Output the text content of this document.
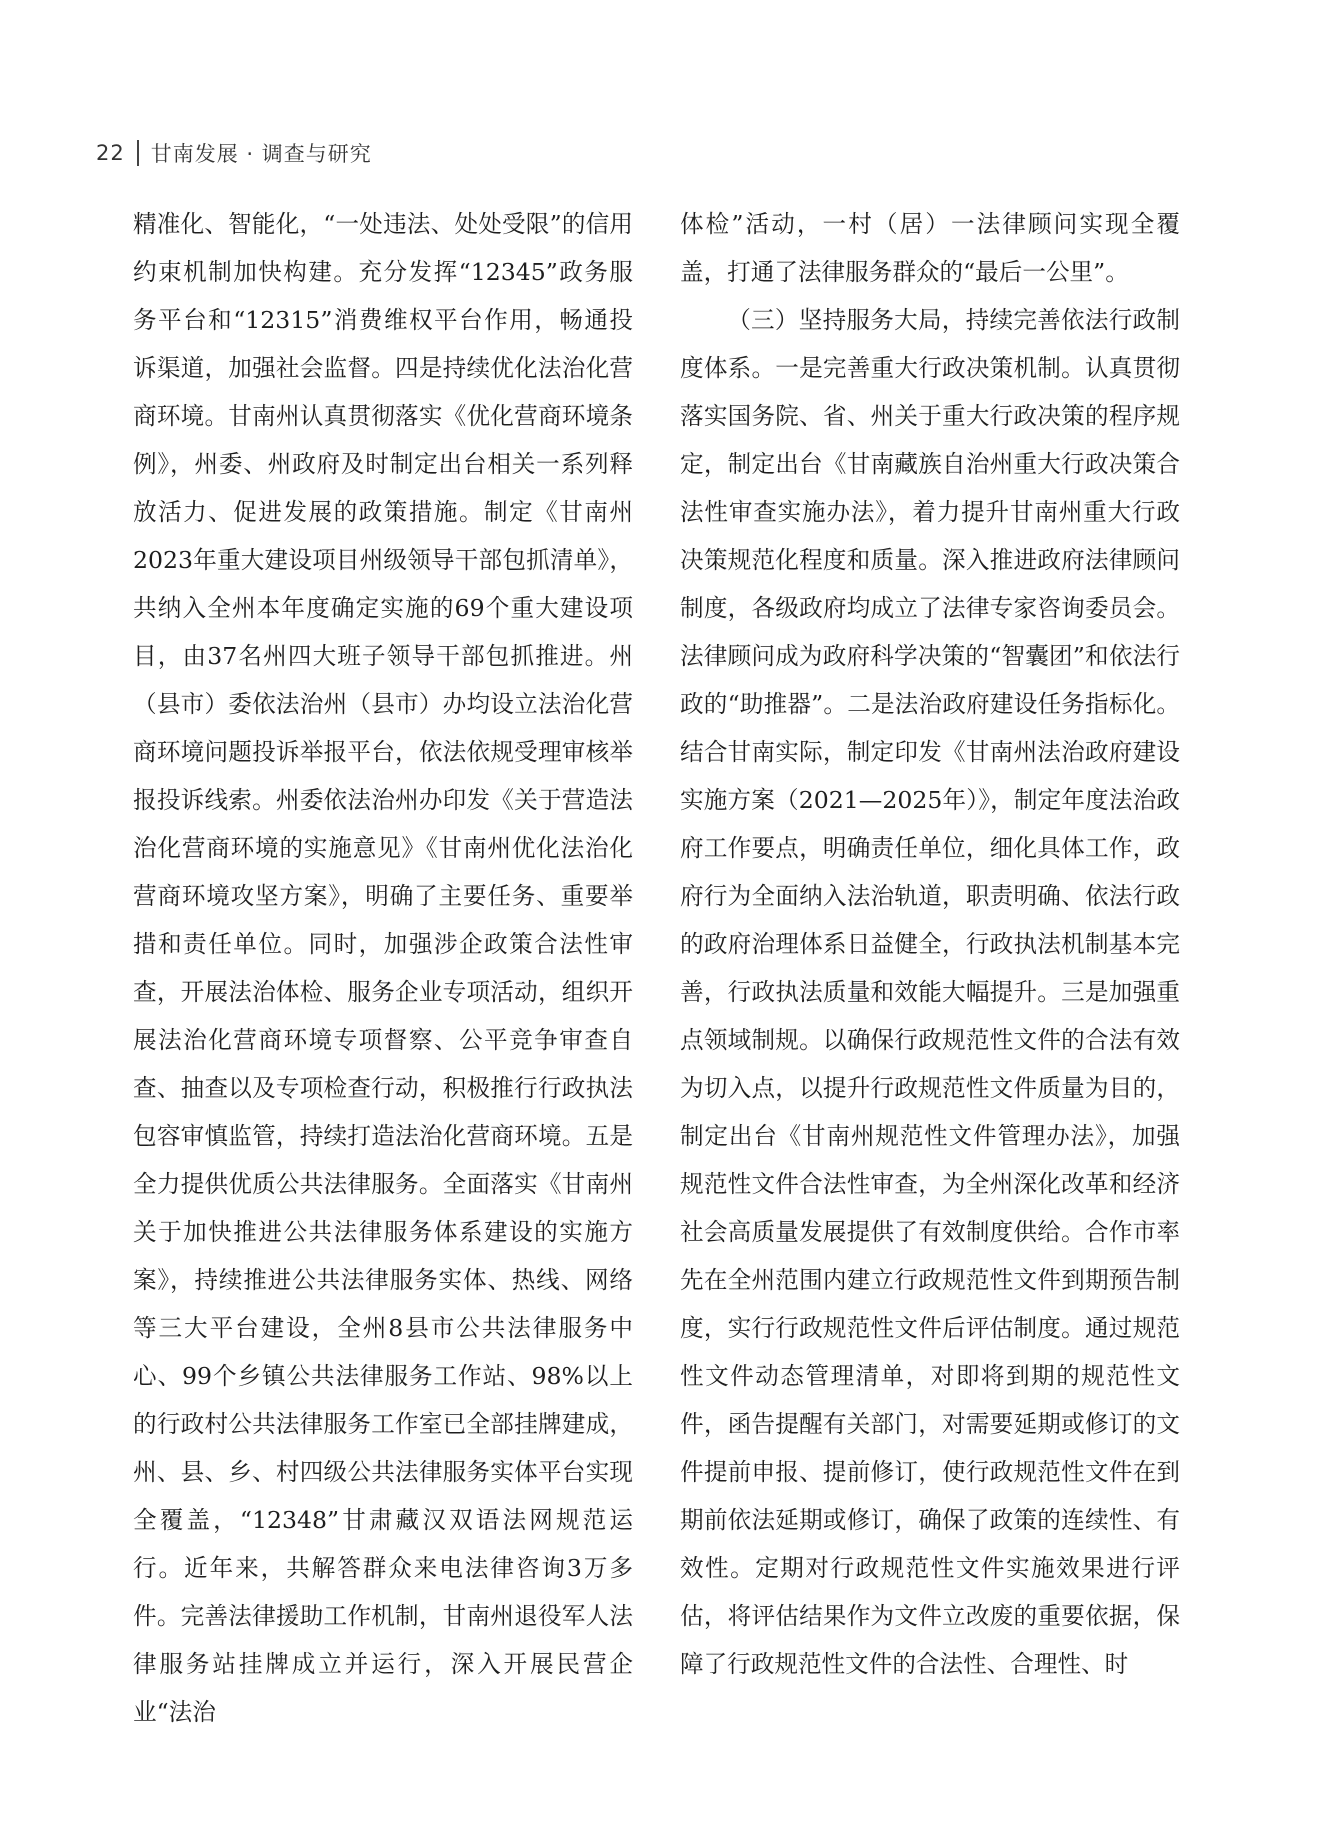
22 甘南发展 · 调查与研究

精准化、智能化，“一处违法、处处受限”的信用约束机制加快构建。充分发挥“12345”政务服务平台和“12315”消费维权平台作用，畅通投诉渠道，加强社会监督。四是持续优化法治化营商环境。甘南州认真贯彻落实《优化营商环境条例》，州委、州政府及时制定出台相关一系列释放活力、促进发展的政策措施。制定《甘南州2023年重大建设项目州级领导干部包抓清单》，共纳入全州本年度确定实施的69个重大建设项目，由37名州四大班子领导干部包抓推进。州（县市）委依法治州（县市）办均设立法治化营商环境问题投诉举报平台，依法依规受理审核举报投诉线索。州委依法治州办印发《关于营造法治化营商环境的实施意见》《甘南州优化法治化营商环境攻坚方案》，明确了主要任务、重要举措和责任单位。同时，加强涉企政策合法性审查，开展法治体检、服务企业专项活动，组织开展法治化营商环境专项督察、公平竞争审查自查、抽查以及专项检查行动，积极推行行政执法包容审慎监管，持续打造法治化营商环境。五是全力提供优质公共法律服务。全面落实《甘南州关于加快推进公共法律服务体系建设的实施方案》，持续推进公共法律服务实体、热线、网络等三大平台建设，全州8县市公共法律服务中心、99个乡镇公共法律服务工作站、98%以上的行政村公共法律服务工作室已全部挂牌建成，州、县、乡、村四级公共法律服务实体平台实现全覆盖，“12348”甘肃藏汉双语法网规范运行。近年来，共解答群众来电法律咨询3万多件。完善法律援助工作机制，甘南州退役军人法律服务站挂牌成立并运行，深入开展民营企业“法治

体检”活动，一村（居）一法律顾问实现全覆盖，打通了法律服务群众的“最后一公里”。

（三）坚持服务大局，持续完善依法行政制度体系。一是完善重大行政决策机制。认真贯彻落实国务院、省、州关于重大行政决策的程序规定，制定出台《甘南藏族自治州重大行政决策合法性审查实施办法》，着力提升甘南州重大行政决策规范化程度和质量。深入推进政府法律顾问制度，各级政府均成立了法律专家咨询委员会。法律顾问成为政府科学决策的“智囊团”和依法行政的“助推器”。二是法治政府建设任务指标化。结合甘南实际，制定印发《甘南州法治政府建设实施方案（2021—2025年）》，制定年度法治政府工作要点，明确责任单位，细化具体工作，政府行为全面纳入法治轨道，职责明确、依法行政的政府治理体系日益健全，行政执法机制基本完善，行政执法质量和效能大幅提升。三是加强重点领域制规。以确保行政规范性文件的合法有效为切入点，以提升行政规范性文件质量为目的，制定出台《甘南州规范性文件管理办法》，加强规范性文件合法性审查，为全州深化改革和经济社会高质量发展提供了有效制度供给。合作市率先在全州范围内建立行政规范性文件到期预告制度，实行行政规范性文件后评估制度。通过规范性文件动态管理清单，对即将到期的规范性文件，函告提醒有关部门，对需要延期或修订的文件提前申报、提前修订，使行政规范性文件在到期前依法延期或修订，确保了政策的连续性、有效性。定期对行政规范性文件实施效果进行评估，将评估结果作为文件立改废的重要依据，保障了行政规范性文件的合法性、合理性、时
